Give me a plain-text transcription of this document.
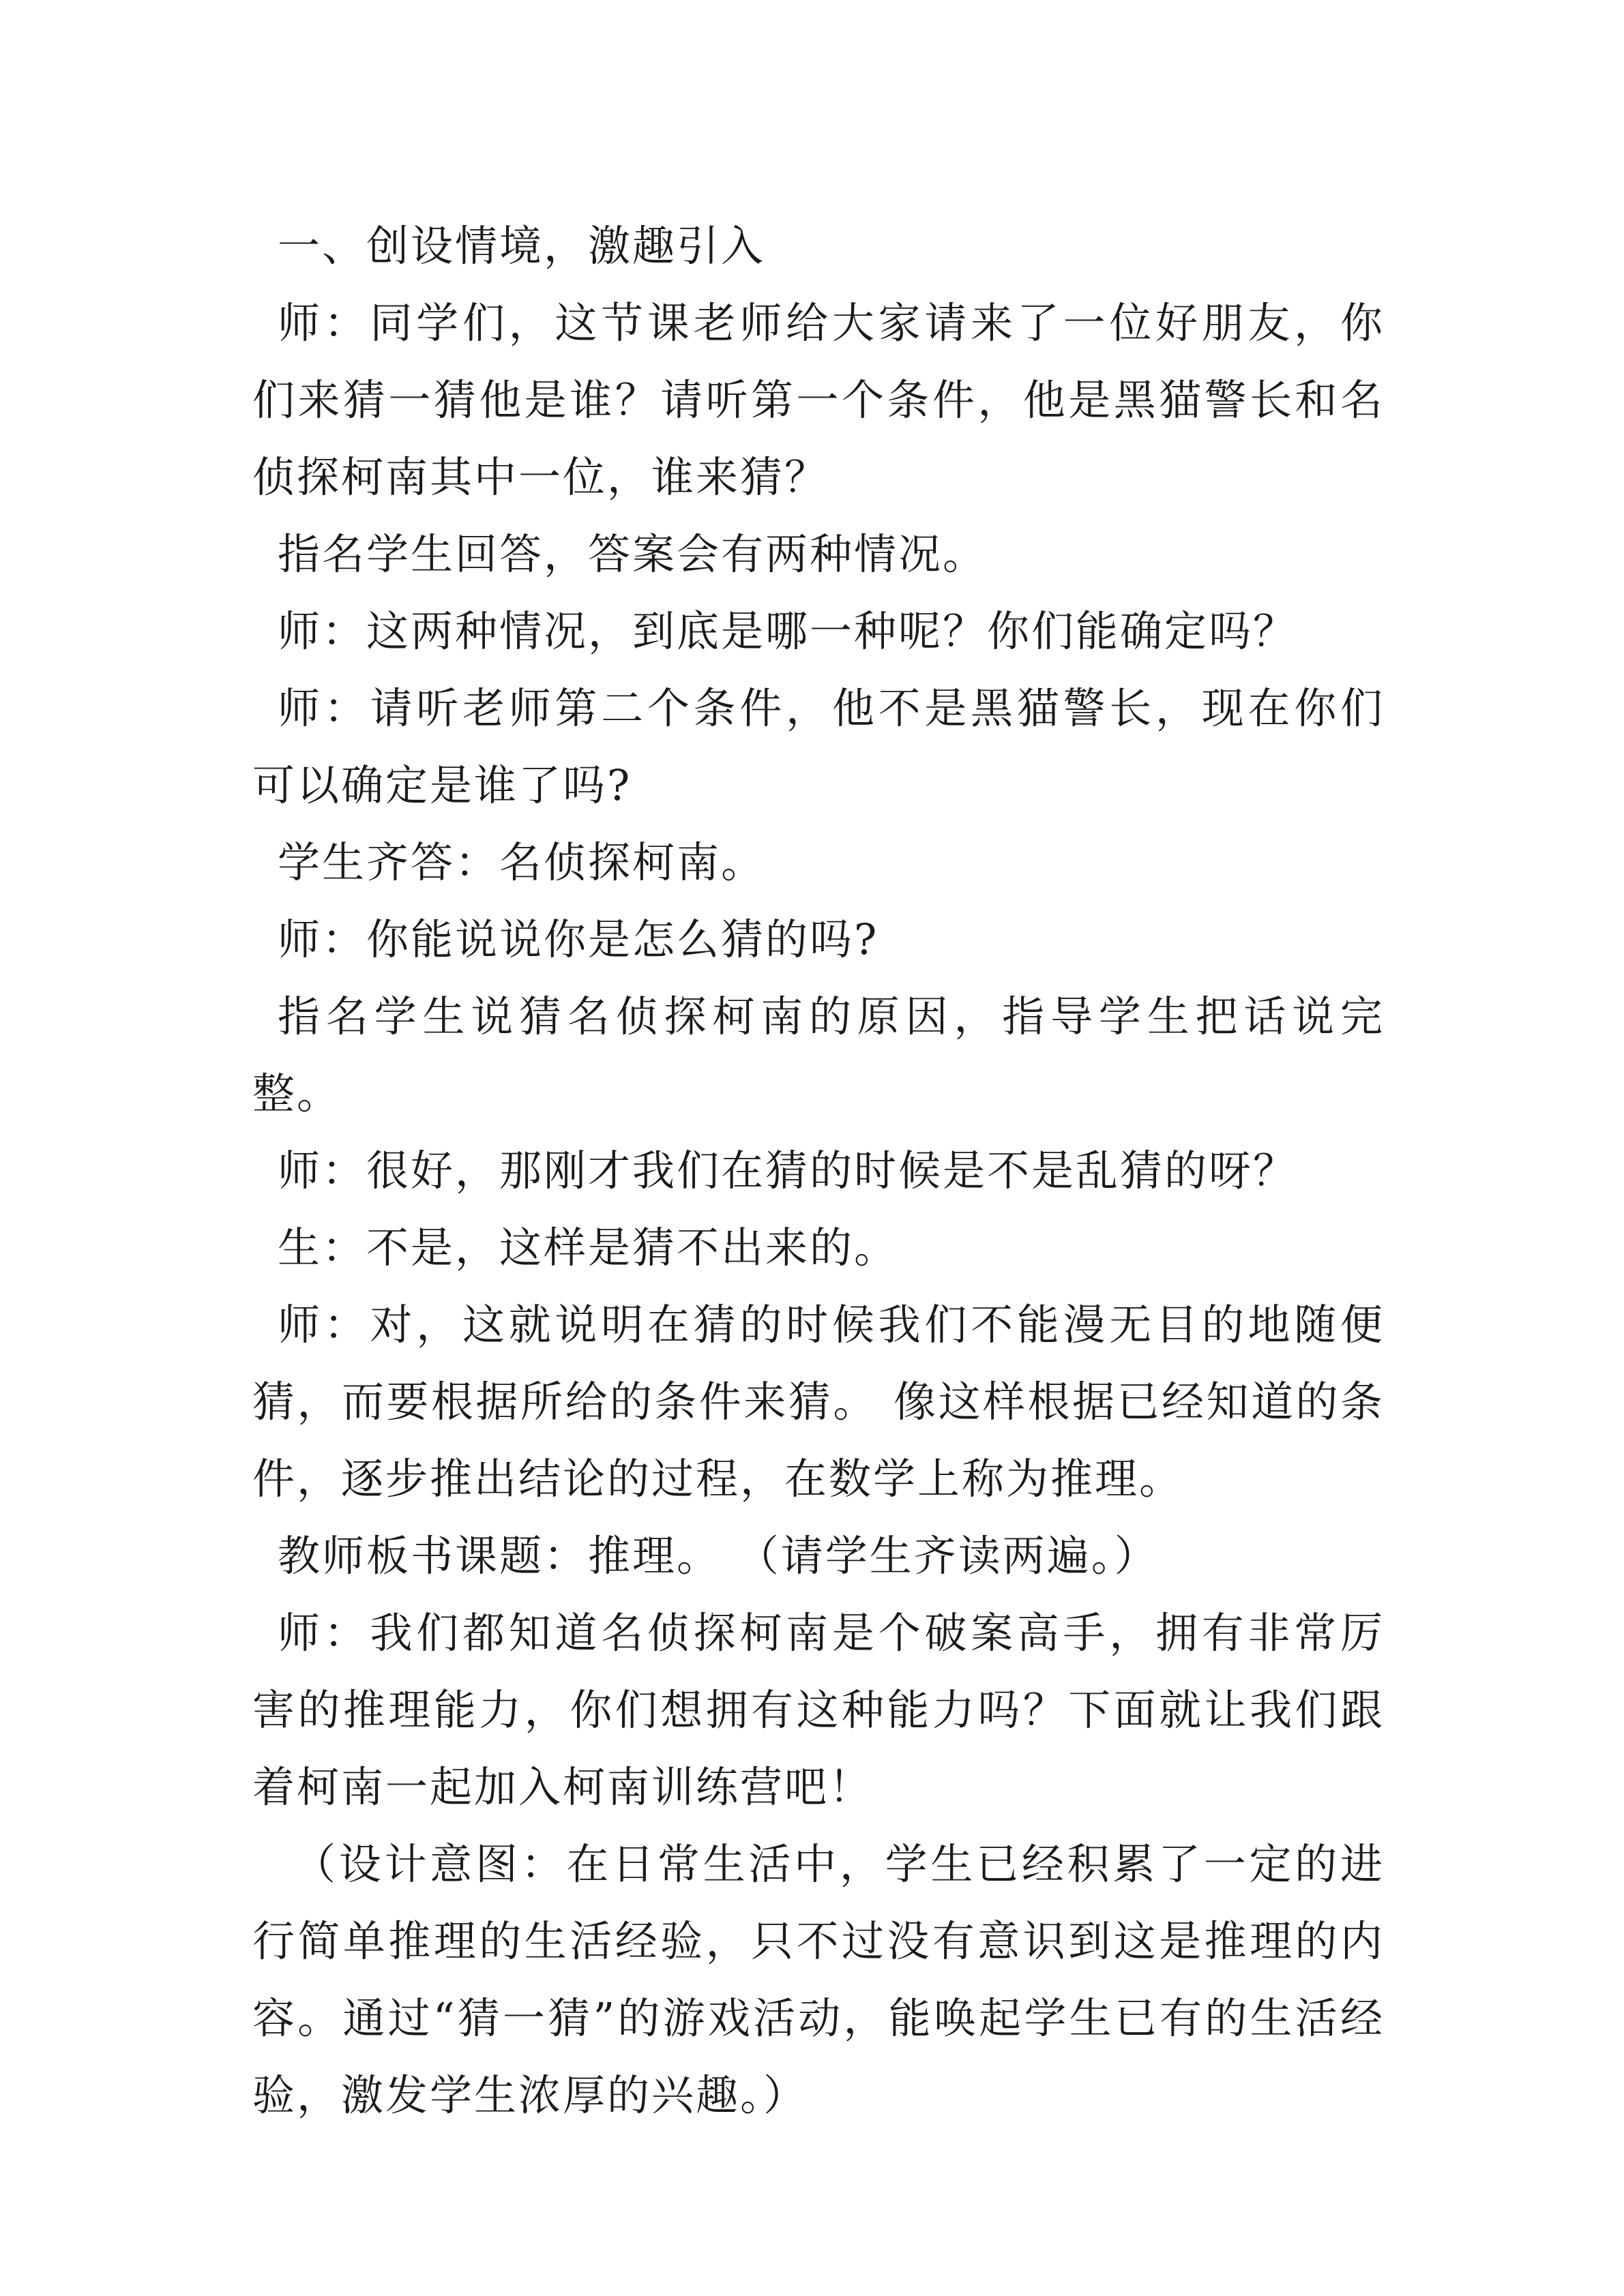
一、创设情境，激趣引入

师：同学们，这节课老师给大家请来了一位好朋友，你们来猜一猜他是谁？请听第一个条件，他是黑猫警长和名侦探柯南其中一位，谁来猜？

指名学生回答，答案会有两种情况。

师：这两种情况，到底是哪一种呢？你们能确定吗？

师：请听老师第二个条件，他不是黑猫警长，现在你们可以确定是谁了吗?

学生齐答：名侦探柯南。

师：你能说说你是怎么猜的吗?

指名学生说猜名侦探柯南的原因，指导学生把话说完整。

师：很好，那刚才我们在猜的时候是不是乱猜的呀？

生：不是，这样是猜不出来的。

师：对，这就说明在猜的时候我们不能漫无目的地随便猜，而要根据所给的条件来猜。 像这样根据已经知道的条件，逐步推出结论的过程，在数学上称为推理。

教师板书课题：推理。 （请学生齐读两遍。）

师：我们都知道名侦探柯南是个破案高手，拥有非常厉害的推理能力，你们想拥有这种能力吗？下面就让我们跟着柯南一起加入柯南训练营吧！

（设计意图：在日常生活中，学生已经积累了一定的进行简单推理的生活经验，只不过没有意识到这是推理的内容。通过“猜一猜”的游戏活动，能唤起学生已有的生活经验，激发学生浓厚的兴趣。）
